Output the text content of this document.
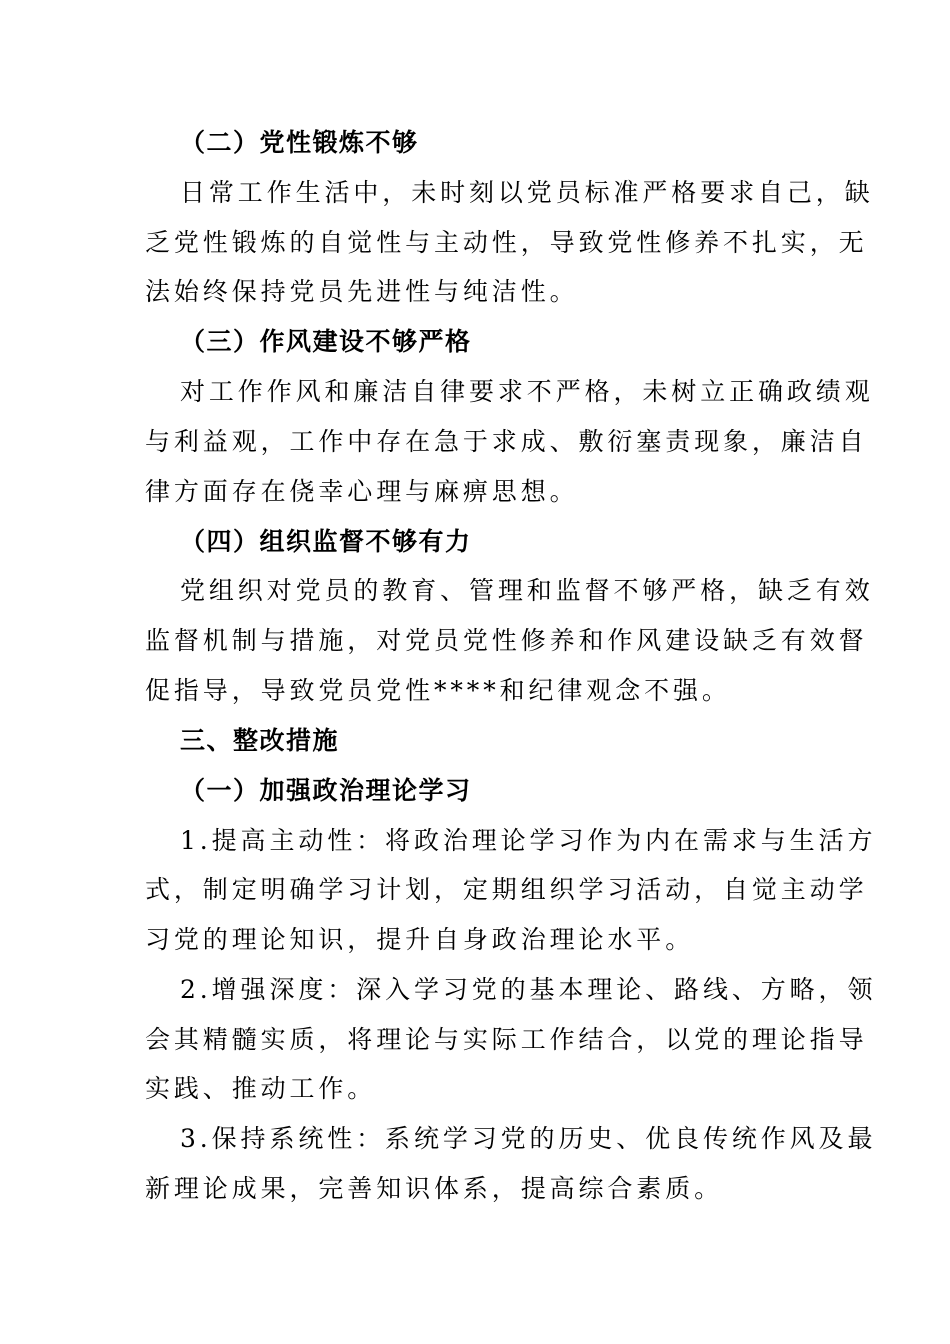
（二）党性锻炼不够
日常工作生活中，未时刻以党员标准严格要求自己，缺
乏党性锻炼的自觉性与主动性，导致党性修养不扎实，无
法始终保持党员先进性与纯洁性。
（三）作风建设不够严格
对工作作风和廉洁自律要求不严格，未树立正确政绩观
与利益观，工作中存在急于求成、敷衍塞责现象，廉洁自
律方面存在侥幸心理与麻痹思想。
（四）组织监督不够有力
党组织对党员的教育、管理和监督不够严格，缺乏有效
监督机制与措施，对党员党性修养和作风建设缺乏有效督
促指导，导致党员党性****和纪律观念不强。
三、整改措施
（一）加强政治理论学习
1.提高主动性：将政治理论学习作为内在需求与生活方
式，制定明确学习计划，定期组织学习活动，自觉主动学
习党的理论知识，提升自身政治理论水平。
2.增强深度：深入学习党的基本理论、路线、方略，领
会其精髓实质，将理论与实际工作结合，以党的理论指导
实践、推动工作。
3.保持系统性：系统学习党的历史、优良传统作风及最
新理论成果，完善知识体系，提高综合素质。
